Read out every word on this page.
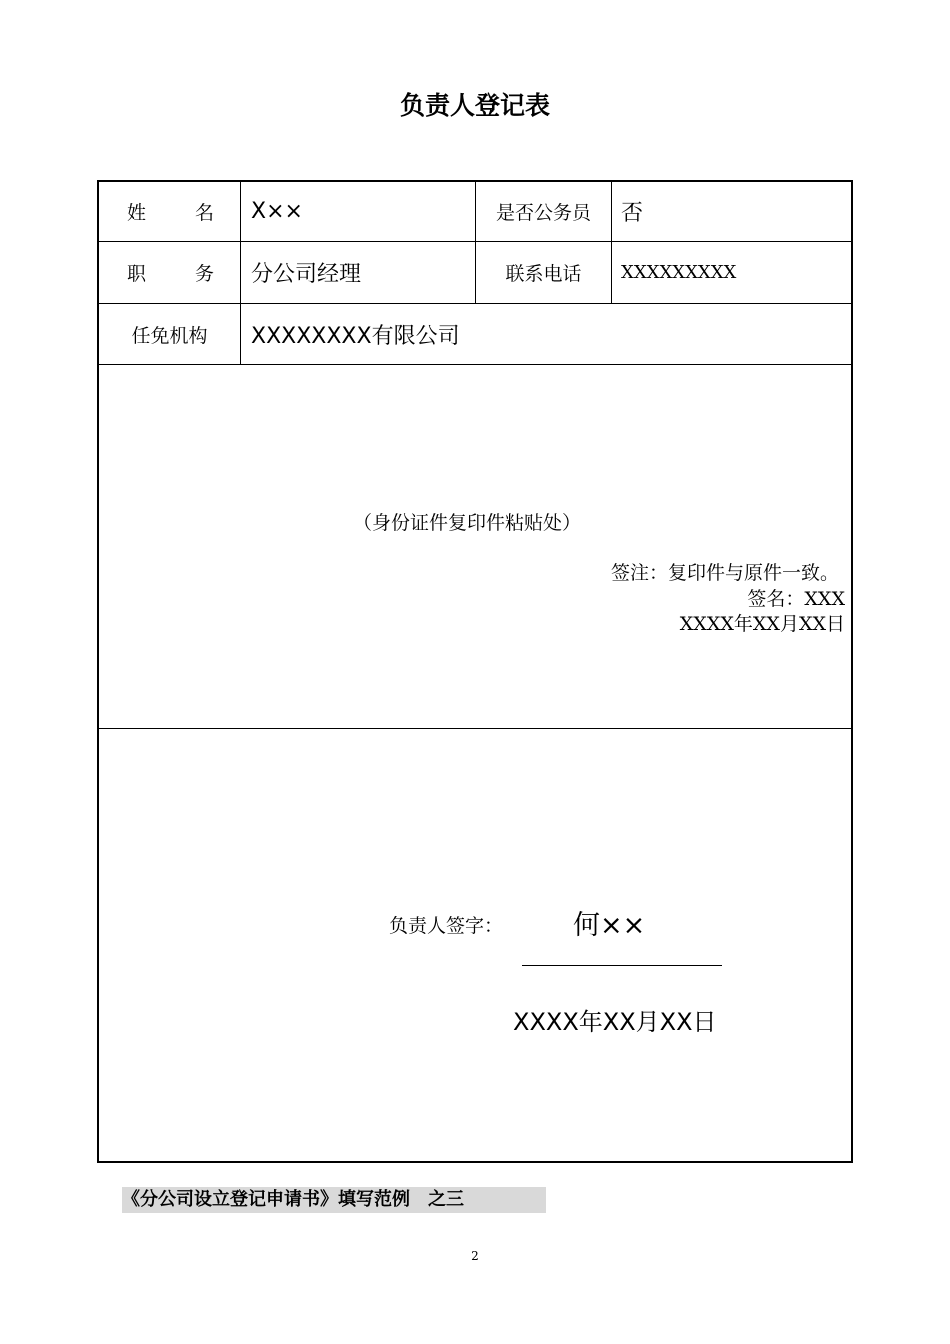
负责人登记表
姓	名 X××	是否公务员	否
职	务 分公司经理	联系电话	XXXXXXXXX
任免机构	XXXXXXXX有限公司
（身份证件复印件粘贴处）
签注：复印件与原件一致。
签名：XXX
XXXX年XX月XX日
负责人签字：	何××
XXXX年XX月XX日
《分公司设立登记申请书》填写范例　之三
2
